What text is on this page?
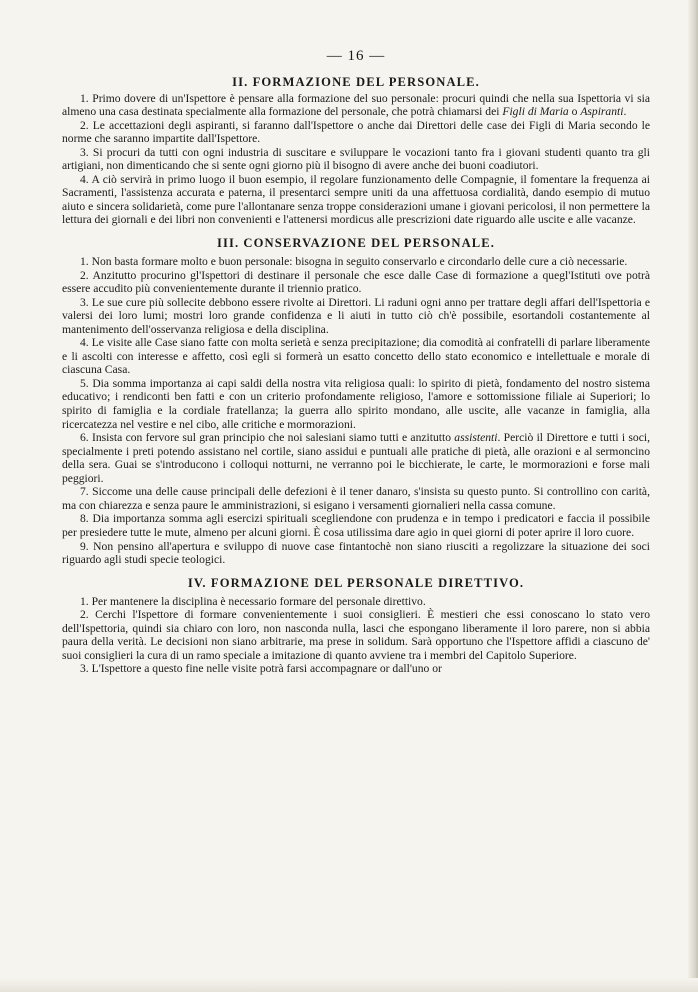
— 16 —
II. FORMAZIONE DEL PERSONALE.

1. Primo dovere di un'Ispettore è pensare alla formazione del suo personale: procuri quindi che nella sua Ispettoria vi sia almeno una casa destinata specialmente alla formazione del personale, che potrà chiamarsi dei Figli di Maria o Aspiranti.

2. Le accettazioni degli aspiranti, si faranno dall'Ispettore o anche dai Direttori delle case dei Figli di Maria secondo le norme che saranno impartite dall'Ispettore.

3. Si procuri da tutti con ogni industria di suscitare e sviluppare le vocazioni tanto fra i giovani studenti quanto tra gli artigiani, non dimenticando che si sente ogni giorno più il bisogno di avere anche dei buoni coadiutori.

4. A ciò servirà in primo luogo il buon esempio, il regolare funzionamento delle Compagnie, il fomentare la frequenza ai Sacramenti, l'assistenza accurata e paterna, il presentarci sempre uniti da una affettuosa cordialità, dando esempio di mutuo aiuto e sincera solidarietà, come pure l'allontanare senza troppe considerazioni umane i giovani pericolosi, il non permettere la lettura dei giornali e dei libri non convenienti e l'attenersi mordicus alle prescrizioni date riguardo alle uscite e alle vacanze.

III. CONSERVAZIONE DEL PERSONALE.

1. Non basta formare molto e buon personale: bisogna in seguito conservarlo e circondarlo delle cure a ciò necessarie.

2. Anzitutto procurino gl'Ispettori di destinare il personale che esce dalle Case di formazione a quegl'Istituti ove potrà essere accudito più convenientemente durante il triennio pratico.

3. Le sue cure più sollecite debbono essere rivolte ai Direttori. Li raduni ogni anno per trattare degli affari dell'Ispettoria e valersi dei loro lumi; mostri loro grande confidenza e li aiuti in tutto ciò ch'è possibile, esortandoli costantemente al mantenimento dell'osservanza religiosa e della disciplina.

4. Le visite alle Case siano fatte con molta serietà e senza precipitazione; dia comodità ai confratelli di parlare liberamente e li ascolti con interesse e affetto, così egli si formerà un esatto concetto dello stato economico e intellettuale e morale di ciascuna Casa.

5. Dia somma importanza ai capi saldi della nostra vita religiosa quali: lo spirito di pietà, fondamento del nostro sistema educativo; i rendiconti ben fatti e con un criterio profondamente religioso, l'amore e sottomissione filiale ai Superiori; lo spirito di famiglia e la cordiale fratellanza; la guerra allo spirito mondano, alle uscite, alle vacanze in famiglia, alla ricercatezza nel vestire e nel cibo, alle critiche e mormorazioni.

6. Insista con fervore sul gran principio che noi salesiani siamo tutti e anzitutto assistenti. Perciò il Direttore e tutti i soci, specialmente i preti potendo assistano nel cortile, siano assidui e puntuali alle pratiche di pietà, alle orazioni e al sermoncino della sera. Guai se s'introducono i colloqui notturni, ne verranno poi le bicchierate, le carte, le mormorazioni e forse mali peggiori.

7. Siccome una delle cause principali delle defezioni è il tener danaro, s'insista su questo punto. Si controllino con carità, ma con chiarezza e senza paure le amministrazioni, si esigano i versamenti giornalieri nella cassa comune.

8. Dia importanza somma agli esercizi spirituali scegliendone con prudenza e in tempo i predicatori e faccia il possibile per presiedere tutte le mute, almeno per alcuni giorni. È cosa utilissima dare agio in quei giorni di poter aprire il loro cuore.

9. Non pensino all'apertura e sviluppo di nuove case fintantochè non siano riusciti a regolizzare la situazione dei soci riguardo agli studi specie teologici.

IV. FORMAZIONE DEL PERSONALE DIRETTIVO.

1. Per mantenere la disciplina è necessario formare del personale direttivo.

2. Cerchi l'Ispettore di formare convenientemente i suoi consiglieri. È mestieri che essi conoscano lo stato vero dell'Ispettoria, quindi sia chiaro con loro, non nasconda nulla, lasci che espongano liberamente il loro parere, non si abbia paura della verità. Le decisioni non siano arbitrarie, ma prese in solidum. Sarà opportuno che l'Ispettore affidi a ciascuno de' suoi consiglieri la cura di un ramo speciale a imitazione di quanto avviene tra i membri del Capitolo Superiore.

3. L'Ispettore a questo fine nelle visite potrà farsi accompagnare or dall'uno or
